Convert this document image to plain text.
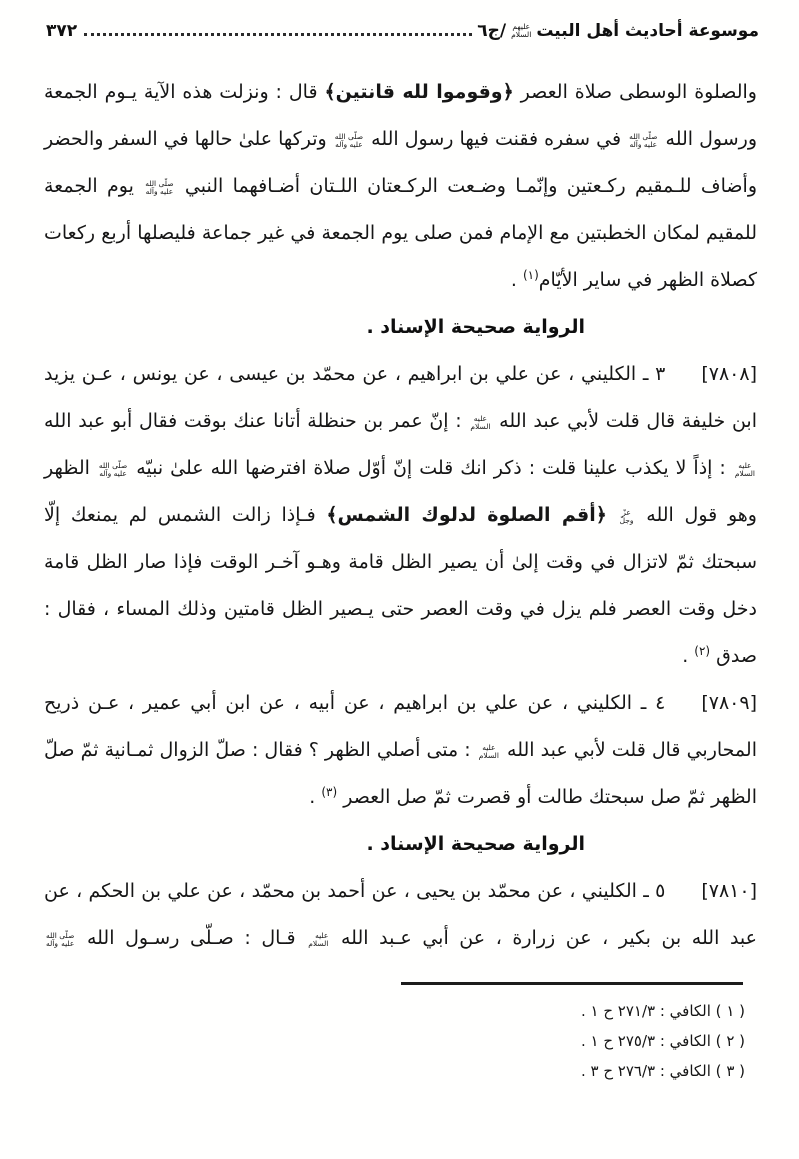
موسوعة أحاديث أهل البيت
عليهم
السلام
/ج٦
٣٧٢
والصلوة الوسطى صلاة العصر ﴿وقوموا لله قانتين﴾ قال : ونزلت هذه الآية يـوم الجمعة ورسول الله
صلّى الله
عليه وآله
في سفره فقنت فيها رسول الله
صلّى الله
عليه وآله
وتركها علىٰ حالها في السفر والحضر وأضاف للـمقيم ركـعتين وإنّمـا وضـعت الركـعتان اللـتان أضـافهما النبي
صلّى الله
عليه وآله
يوم الجمعة للمقيم لمكان الخطبتين مع الإمام فمن صلى يوم الجمعة في غير جماعة فليصلها أربع ركعات كصلاة الظهر في ساير الأيّام$^{(١)}$ .
الرواية صحيحة الإسناد .
[٧٨٠٨]٣ ـ الكليني ، عن علي بن ابراهيم ، عن محمّد بن عيسى ، عن يونس ، عـن يزيد ابن خليفة قال قلت لأبي عبد الله
عليه
السلام
: إنّ عمر بن حنظلة أتانا عنك بوقت فقال أبو عبد الله
عليه
السلام
: إذاً لا يكذب علينا قلت : ذكر انك قلت إنّ أوّل صلاة افترضها الله علىٰ نبيّه
صلّى الله
عليه وآله
الظهر وهو قول الله
عزّ
وجلّ
﴿أقم الصلوة لدلوك الشمس﴾ فـإذا زالت الشمس لم يمنعك إلّا سبحتك ثمّ لاتزال في وقت إلىٰ أن يصير الظل قامة وهـو آخـر الوقت فإذا صار الظل قامة دخل وقت العصر فلم يزل في وقت العصر حتى يـصير الظل قامتين وذلك المساء ، فقال : صدق $^{(٢)}$ .
[٧٨٠٩]٤ ـ الكليني ، عن علي بن ابراهيم ، عن أبيه ، عن ابن أبي عمير ، عـن ذريح المحاربي قال قلت لأبي عبد الله
عليه
السلام
: متى أصلي الظهر ؟ فقال : صلّ الزوال ثمـانية ثمّ صلّ الظهر ثمّ صل سبحتك طالت أو قصرت ثمّ صل العصر $^{(٣)}$ .
الرواية صحيحة الإسناد .
[٧٨١٠]٥ ـ الكليني ، عن محمّد بن يحيى ، عن أحمد بن محمّد ، عن علي بن الحكم ، عن عبد الله بن بكير ، عن زرارة ، عن أبي عـبد الله
عليه
السلام
قـال : صـلّى رسـول الله
صلّى الله
عليه وآله
( ١ ) الكافي : ٢٧١/٣ ح ١ .
( ٢ ) الكافي : ٢٧٥/٣ ح ١ .
( ٣ ) الكافي : ٢٧٦/٣ ح ٣ .
